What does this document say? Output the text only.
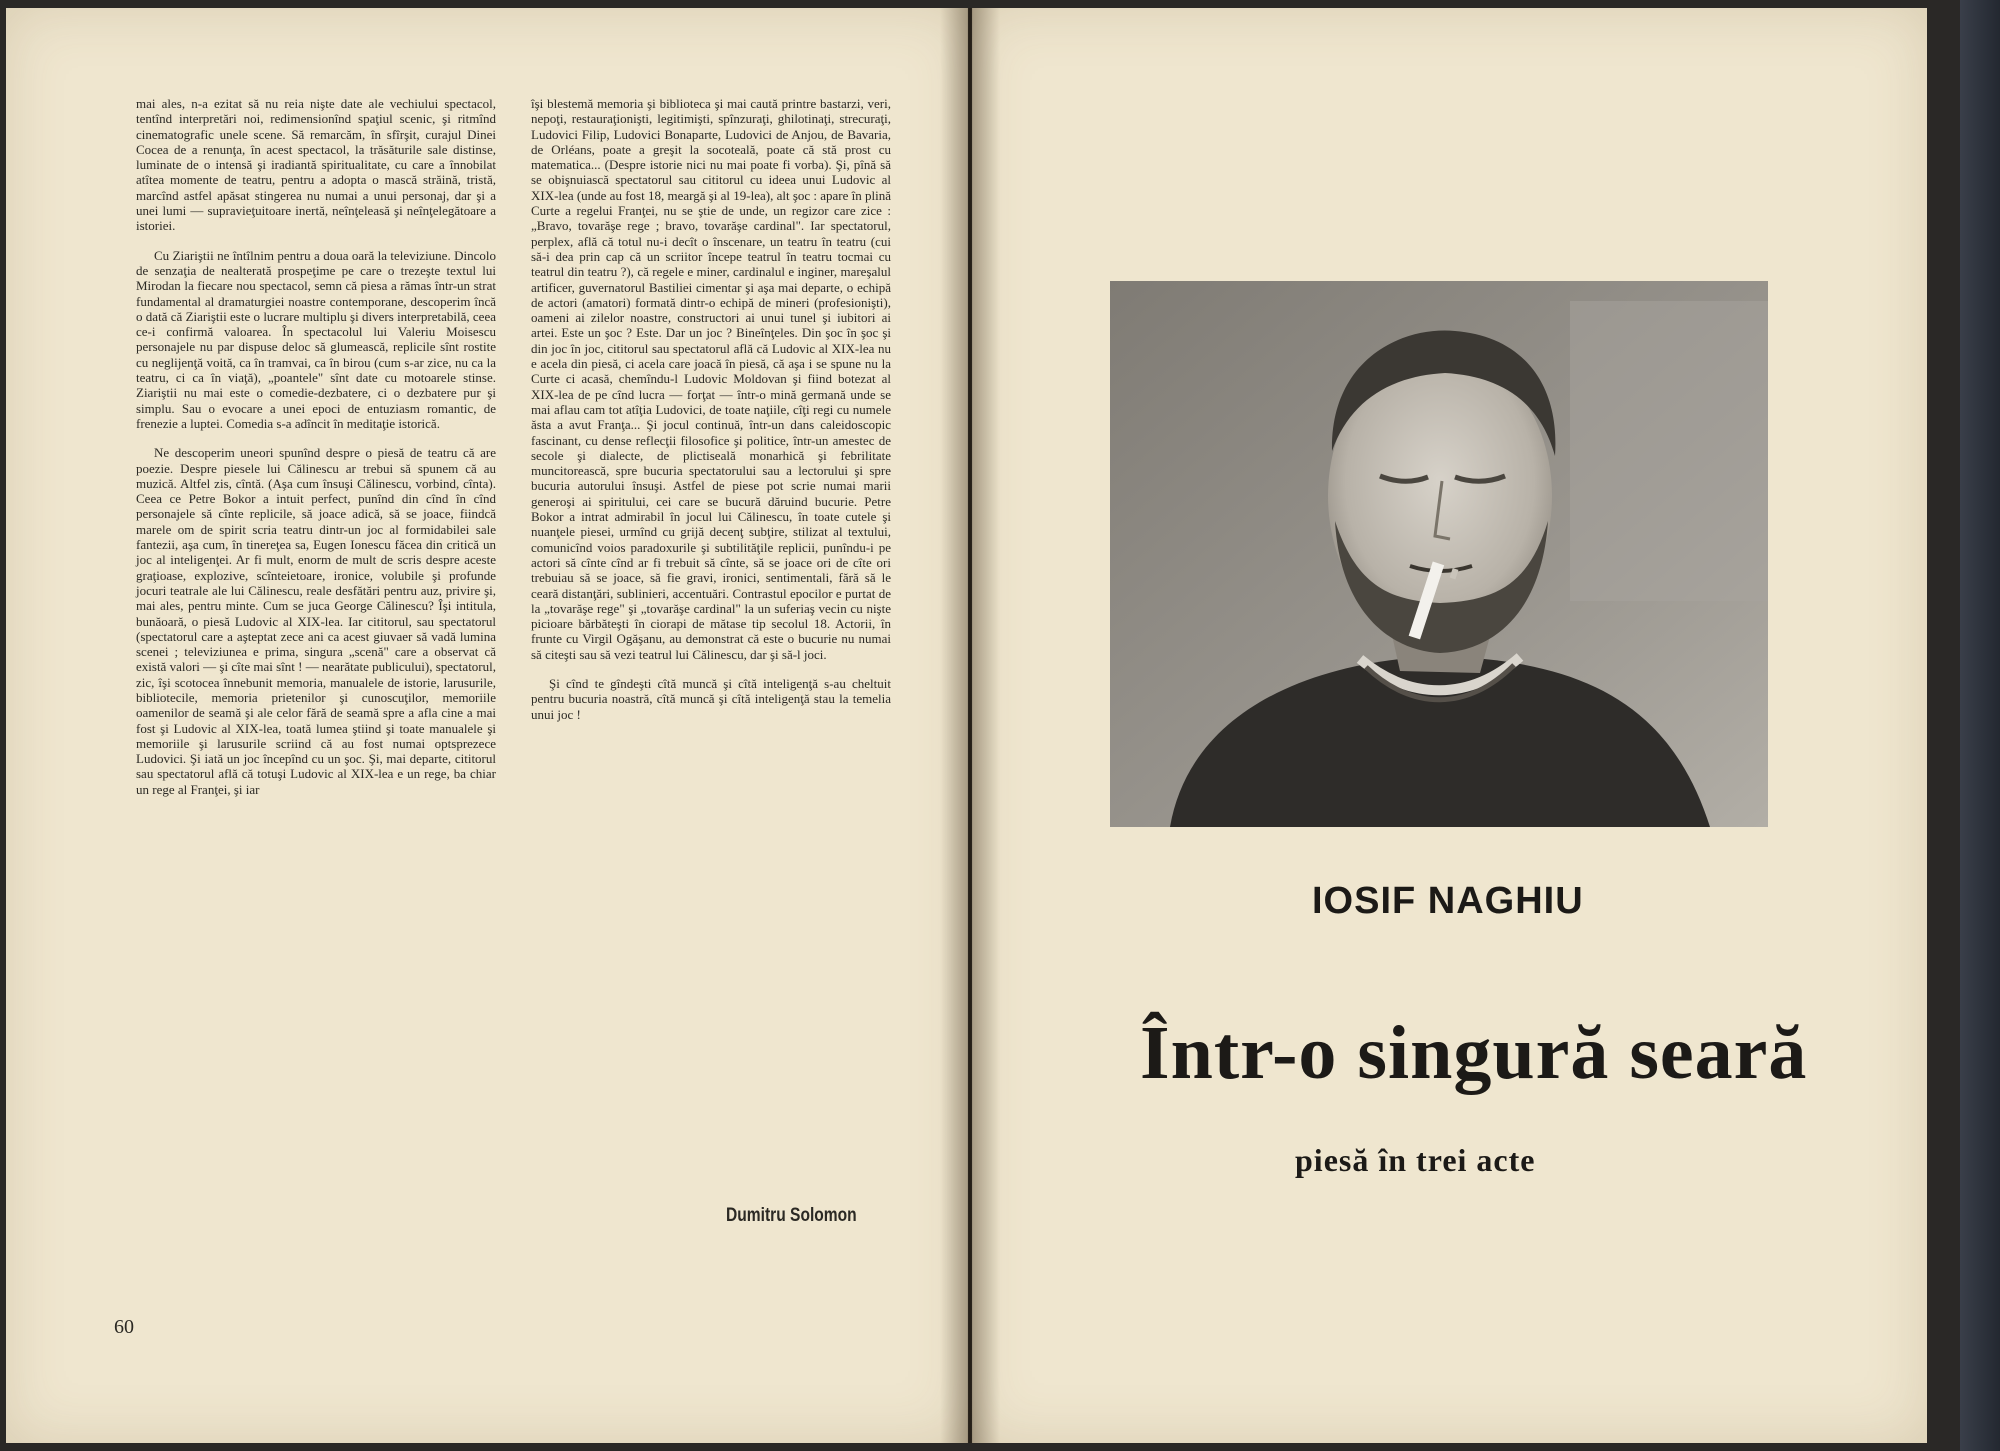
mai ales, n-a ezitat să nu reia nişte date ale vechiului spectacol, tentînd interpretări noi, redimensionînd spaţiul scenic, şi ritmînd cinematografic unele scene. Să remarcăm, în sfîrşit, curajul Dinei Cocea de a renunţa, în acest spectacol, la trăsăturile sale distinse, luminate de o intensă şi iradiantă spiritualitate, cu care a înnobilat atîtea momente de teatru, pentru a adopta o mască străină, tristă, marcînd astfel apăsat stingerea nu numai a unui personaj, dar şi a unei lumi — supravieţuitoare inertă, neînţeleasă şi neînţelegătoare a istoriei.

Cu Ziariştii ne întîlnim pentru a doua oară la televiziune. Dincolo de senzaţia de nealterată prospeţime pe care o trezeşte textul lui Mirodan la fiecare nou spectacol, semn că piesa a rămas într-un strat fundamental al dramaturgiei noastre contemporane, descoperim încă o dată că Ziariştii este o lucrare multiplu şi divers interpretabilă, ceea ce-i confirmă valoarea. În spectacolul lui Valeriu Moisescu personajele nu par dispuse deloc să glumească, replicile sînt rostite cu neglijenţă voită, ca în tramvai, ca în birou (cum s-ar zice, nu ca la teatru, ci ca în viaţă), „poantele" sînt date cu motoarele stinse. Ziariştii nu mai este o comedie-dezbatere, ci o dezbatere pur şi simplu. Sau o evocare a unei epoci de entuziasm romantic, de frenezie a luptei. Comedia s-a adîncit în meditaţie istorică.

Ne descoperim uneori spunînd despre o piesă de teatru că are poezie. Despre piesele lui Călinescu ar trebui să spunem că au muzică. Altfel zis, cîntă. (Aşa cum însuşi Călinescu, vorbind, cînta). Ceea ce Petre Bokor a intuit perfect, punînd din cînd în cînd personajele să cînte replicile, să joace adică, să se joace, fiindcă marele om de spirit scria teatru dintr-un joc al formidabilei sale fantezii, aşa cum, în tinereţea sa, Eugen Ionescu făcea din critică un joc al inteligenţei. Ar fi mult, enorm de mult de scris despre aceste graţioase, explozive, scînteietoare, ironice, volubile şi profunde jocuri teatrale ale lui Călinescu, reale desfătări pentru auz, privire şi, mai ales, pentru minte. Cum se juca George Călinescu? Îşi intitula, bunăoară, o piesă Ludovic al XIX-lea. Iar cititorul, sau spectatorul (spectatorul care a aşteptat zece ani ca acest giuvaer să vadă lumina scenei ; televiziunea e prima, singura „scenă" care a observat că există valori — şi cîte mai sînt ! — nearătate publicului), spectatorul, zic, îşi scotocea înnebunit memoria, manualele de istorie, larusurile, bibliotecile, memoria prietenilor şi cunoscuţilor, memoriile oamenilor de seamă şi ale celor fără de seamă spre a afla cine a mai fost şi Ludovic al XIX-lea, toată lumea ştiind şi toate manualele şi memoriile şi larusurile scriind că au fost numai optsprezece Ludovici. Şi iată un joc începînd cu un şoc. Şi, mai departe, cititorul sau spectatorul află că totuşi Ludovic al XIX-lea e un rege, ba chiar un rege al Franţei, şi iar

îşi blestemă memoria şi biblioteca şi mai caută printre bastarzi, veri, nepoţi, restauraţionişti, legitimişti, spînzuraţi, ghilotinaţi, strecuraţi, Ludovici Filip, Ludovici Bonaparte, Ludovici de Anjou, de Bavaria, de Orléans, poate a greşit la socoteală, poate că stă prost cu matematica... (Despre istorie nici nu mai poate fi vorba). Şi, pînă să se obişnuiască spectatorul sau cititorul cu ideea unui Ludovic al XIX-lea (unde au fost 18, meargă şi al 19-lea), alt şoc : apare în plină Curte a regelui Franţei, nu se ştie de unde, un regizor care zice : „Bravo, tovarăşe rege ; bravo, tovarăşe cardinal". Iar spectatorul, perplex, află că totul nu-i decît o înscenare, un teatru în teatru (cui să-i dea prin cap că un scriitor începe teatrul în teatru tocmai cu teatrul din teatru ?), că regele e miner, cardinalul e inginer, mareşalul artificer, guvernatorul Bastiliei cimentar şi aşa mai departe, o echipă de actori (amatori) formată dintr-o echipă de mineri (profesionişti), oameni ai zilelor noastre, constructori ai unui tunel şi iubitori ai artei. Este un şoc ? Este. Dar un joc ? Bineînţeles. Din şoc în şoc şi din joc în joc, cititorul sau spectatorul află că Ludovic al XIX-lea nu e acela din piesă, ci acela care joacă în piesă, că aşa i se spune nu la Curte ci acasă, chemîndu-l Ludovic Moldovan şi fiind botezat al XIX-lea de pe cînd lucra — forţat — într-o mină germană unde se mai aflau cam tot atîţia Ludovici, de toate naţiile, cîţi regi cu numele ăsta a avut Franţa... Şi jocul continuă, într-un dans caleidoscopic fascinant, cu dense reflecţii filosofice şi politice, într-un amestec de secole şi dialecte, de plictiseală monarhică şi febrilitate muncitorească, spre bucuria spectatorului sau a lectorului şi spre bucuria autorului însuşi. Astfel de piese pot scrie numai marii generoşi ai spiritului, cei care se bucură dăruind bucurie. Petre Bokor a intrat admirabil în jocul lui Călinescu, în toate cutele şi nuanţele piesei, urmînd cu grijă decenţ subţire, stilizat al textului, comunicînd voios paradoxurile şi subtilităţile replicii, punîndu-i pe actori să cînte cînd ar fi trebuit să cînte, să se joace ori de cîte ori trebuiau să se joace, să fie gravi, ironici, sentimentali, fără să le ceară distanţări, sublinieri, accentuări. Contrastul epocilor e purtat de la „tovarăşe rege" şi „tovarăşe cardinal" la un suferiaş vecin cu nişte picioare bărbăteşti în ciorapi de mătase tip secolul 18. Actorii, în frunte cu Virgil Ogăşanu, au demonstrat că este o bucurie nu numai să citeşti sau să vezi teatrul lui Călinescu, dar şi să-l joci.

Şi cînd te gîndeşti cîtă muncă şi cîtă inteligenţă s-au cheltuit pentru bucuria noastră, cîtă muncă şi cîtă inteligenţă stau la temelia unui joc !

Dumitru Solomon
60
IOSIF NAGHIU
Într-o singură seară
piesă în trei acte
